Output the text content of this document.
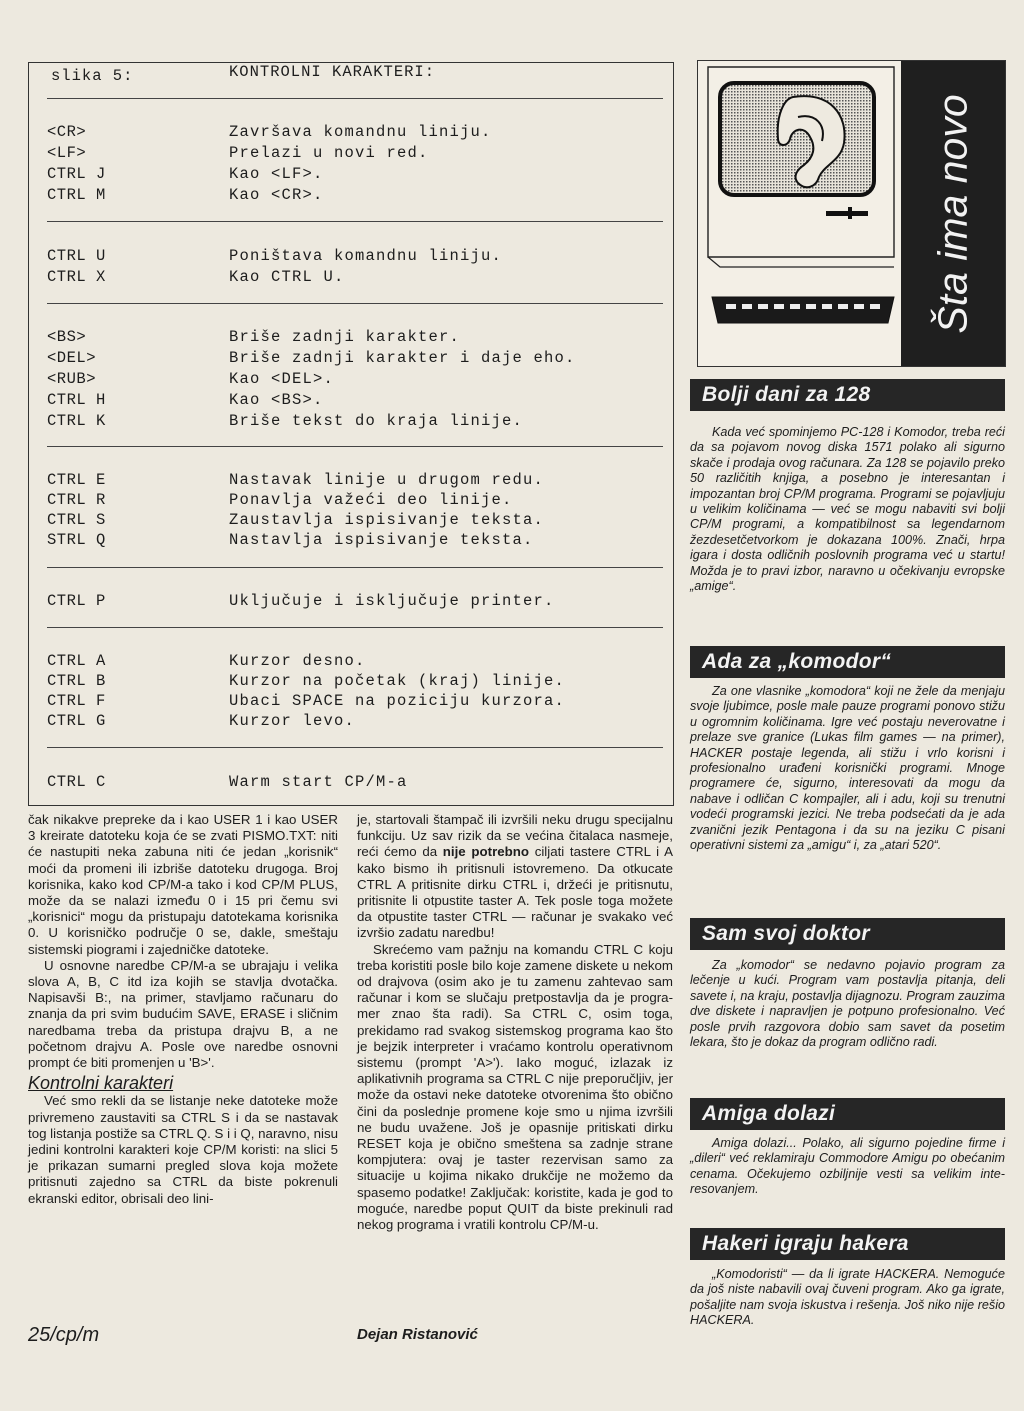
slika 5:	KONTROLNI KARAKTERI:
<CR>	Završava komandnu liniju.
<LF>	Prelazi u novi red.
CTRL J	Kao <LF>.
CTRL M	Kao <CR>.
CTRL U	Poništava komandnu liniju.
CTRL X	Kao CTRL U.
<BS>	Briše zadnji karakter.
<DEL>	Briše zadnji karakter i daje eho.
<RUB>	Kao <DEL>.
CTRL H	Kao <BS>.
CTRL K	Briše tekst do kraja linije.
CTRL E	Nastavak linije u drugom redu.
CTRL R	Ponavlja važeći deo linije.
CTRL S	Zaustavlja ispisivanje teksta.
STRL Q	Nastavlja ispisivanje teksta.
CTRL P	Uključuje i isključuje printer.
CTRL A	Kurzor desno.
CTRL B	Kurzor na početak (kraj) linije.
CTRL F	Ubaci SPACE na poziciju kurzora.
CTRL G	Kurzor levo.
CTRL C	Warm start CP/M-a

čak nikakve prepreke da i kao USER 1 i kao USER 3 kreirate datoteku koja će se zvati PISMO.TXT: niti će nastupiti neka zabuna niti će jedan „korisnik“ moći da promeni ili izbriše datoteku drugoga. Broj korisnika, kako kod CP/M-a tako i kod CP/M PLUS, može da se nalazi između 0 i 15 pri čemu svi „korisnici“ mogu da pristupaju datotekama korisnika 0. U korisničko područje 0 se, dakle, smeštaju sistemski piogrami i zajedničke datoteke.

U osnovne naredbe CP/M-a se ubrajaju i velika slova A, B, C itd iza kojih se stavlja dvotačka. Napisavši B:, na primer, stavljamo računaru do znanja da pri svim budućim SAVE, ERASE i sličnim naredbama treba da pristupa drajvu B, a ne početnom drajvu A. Posle ove naredbe osnovni prompt će biti promenjen u 'B>'.

Kontrolni karakteri

Već smo rekli da se listanje neke datoteke može privremeno zaustaviti sa CTRL S i da se nastavak tog listanja postiže sa CTRL Q. S i i Q, naravno, nisu jedini kontrolni karakteri koje CP/M koristi: na slici 5 je prikazan sumarni pregled slova koja možete pritisnuti zajedno sa CTRL da biste pokrenuli ekranski editor, obrisali deo lini-

je, startovali štampač ili izvršili neku drugu specijalnu funkciju. Uz sav rizik da se većina čitalaca nasmeje, reći ćemo da nije potrebno ciljati tastere CTRL i A kako bismo ih pritisnuli istovremeno. Da otkucate CTRL A pritisnite dirku CTRL i, držeći je pritisnutu, pritisnite li otpustite taster A. Tek posle toga možete da otpustite taster CTRL — računar je svakako već izvršio zadatu naredbu!

Skrećemo vam pažnju na komandu CTRL C koju treba koristiti posle bilo koje zamene diskete u nekom od drajvova (osim ako je tu zamenu zahtevao sam računar i kom se slučaju pretpostavlja da je programer znao šta radi). Sa CTRL C, osim toga, prekidamo rad svakog sistemskog programa kao što je bejzik interpreter i vraćamo kontrolu operativnom sistemu (prompt 'A>'). Iako moguć, izlazak iz aplikativnih programa sa CTRL C nije preporučljiv, jer može da ostavi neke datoteke otvorenima što obično čini da poslednje promene koje smo u njima izvršili ne budu uvažene. Još je opasnije pritiskati dirku RESET koja je obično smeštena sa zadnje strane kompjutera: ovaj je taster rezervisan samo za situacije u kojima nikako drukčije ne možemo da spasemo podatke! Zaključak: koristite, kada je god to moguće, naredbe poput QUIT da biste prekinuli rad nekog programa i vratili kontrolu CP/M-u.

25/cp/m	Dejan Ristanović
Šta ima novo
Bolji dani za 128

Kada već spominjemo PC-128 i Komodor, treba reći da sa pojavom novog diska 1571 polako ali sigurno skače i prodaja ovog računara. Za 128 se pojavilo preko 50 različitih knjiga, a posebno je interesantan i impozantan broj CP/M programa. Programi se pojavljuju u velikim količinama — već se mogu nabaviti svi bolji CP/M programi, a kompatibilnost sa legendarnom žezdesetčetvorkom je dokazana 100%. Znači, hrpa igara i dosta odličnih poslovnih programa već u startu! Možda je to pravi izbor, naravno u očekivanju evropske „amige“.

Ada za „komodor“

Za one vlasnike „komodora“ koji ne žele da menjaju svoje ljubimce, posle male pauze programi ponovo stižu u ogromnim količinama. Igre već postaju neverovatne i prelaze sve granice (Lukas film games — na primer), HACKER postaje legenda, ali stižu i vrlo korisni i profesionalno urađeni korisnički programi. Mnoge programere će, sigurno, interesovati da mogu da nabave i odličan C kompajler, ali i adu, koji su trenutni vodeći programski jezici. Ne treba podsećati da je ada zvanični jezik Pentagona i da su na jeziku C pisani operativni sistemi za „amigu“ i, za „atari 520“.

Sam svoj doktor

Za „komodor“ se nedavno pojavio program za lečenje u kući. Program vam postavlja pitanja, deli savete i, na kraju, postavlja dijagnozu. Program zauzima dve diskete i napravljen je potpuno profesionalno. Već posle prvih razgovora dobio sam savet da posetim lekara, što je dokaz da program odlično radi.

Amiga dolazi

Amiga dolazi... Polako, ali sigurno pojedine firme i „dileri“ već reklamiraju Commodore Amigu po obećanim cenama. Očekujemo ozbiljnije vesti sa velikim interesovanjem.

Hakeri igraju hakera

„Komodoristi“ — da li igrate HACKERA. Nemoguće da još niste nabavili ovaj čuveni program. Ako ga igrate, pošaljite nam svoja iskustva i rešenja. Još niko nije rešio HACKERA.
